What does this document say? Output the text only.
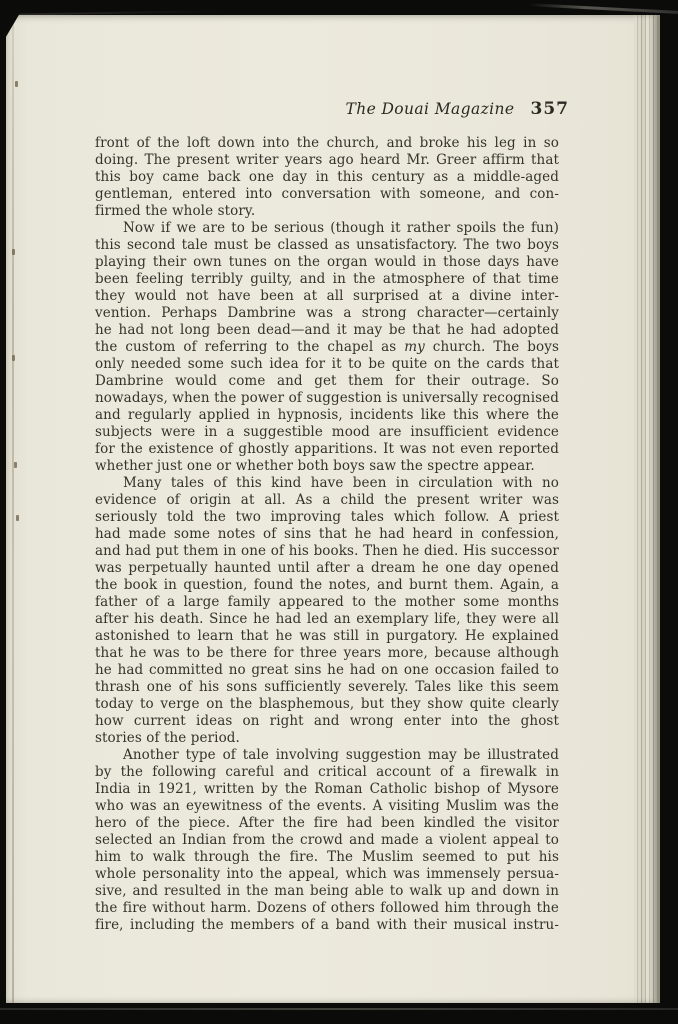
The Douai Magazine 357
front of the loft down into the church, and broke his leg in so
doing. The present writer years ago heard Mr. Greer affirm that
this boy came back one day in this century as a middle-aged
gentleman, entered into conversation with someone, and con-
firmed the whole story.
Now if we are to be serious (though it rather spoils the fun)
this second tale must be classed as unsatisfactory. The two boys
playing their own tunes on the organ would in those days have
been feeling terribly guilty, and in the atmosphere of that time
they would not have been at all surprised at a divine inter-
vention. Perhaps Dambrine was a strong character—certainly
he had not long been dead—and it may be that he had adopted
the custom of referring to the chapel as my church. The boys
only needed some such idea for it to be quite on the cards that
Dambrine would come and get them for their outrage. So
nowadays, when the power of suggestion is universally recognised
and regularly applied in hypnosis, incidents like this where the
subjects were in a suggestible mood are insufficient evidence
for the existence of ghostly apparitions. It was not even reported
whether just one or whether both boys saw the spectre appear.
Many tales of this kind have been in circulation with no
evidence of origin at all. As a child the present writer was
seriously told the two improving tales which follow. A priest
had made some notes of sins that he had heard in confession,
and had put them in one of his books. Then he died. His successor
was perpetually haunted until after a dream he one day opened
the book in question, found the notes, and burnt them. Again, a
father of a large family appeared to the mother some months
after his death. Since he had led an exemplary life, they were all
astonished to learn that he was still in purgatory. He explained
that he was to be there for three years more, because although
he had committed no great sins he had on one occasion failed to
thrash one of his sons sufficiently severely. Tales like this seem
today to verge on the blasphemous, but they show quite clearly
how current ideas on right and wrong enter into the ghost
stories of the period.
Another type of tale involving suggestion may be illustrated
by the following careful and critical account of a firewalk in
India in 1921, written by the Roman Catholic bishop of Mysore
who was an eyewitness of the events. A visiting Muslim was the
hero of the piece. After the fire had been kindled the visitor
selected an Indian from the crowd and made a violent appeal to
him to walk through the fire. The Muslim seemed to put his
whole personality into the appeal, which was immensely persua-
sive, and resulted in the man being able to walk up and down in
the fire without harm. Dozens of others followed him through the
fire, including the members of a band with their musical instru-
